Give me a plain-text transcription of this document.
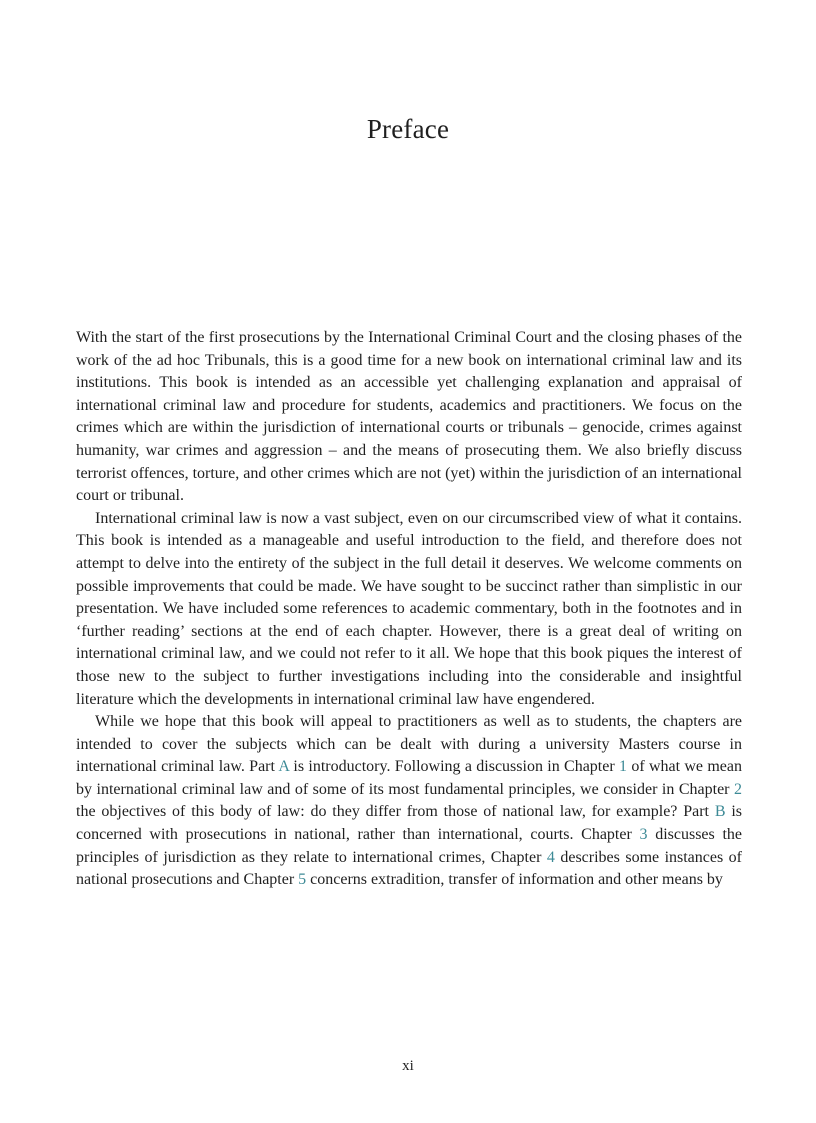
Preface

With the start of the first prosecutions by the International Criminal Court and the closing phases of the work of the ad hoc Tribunals, this is a good time for a new book on international criminal law and its institutions. This book is intended as an accessible yet challenging explanation and appraisal of international criminal law and procedure for students, academics and practitioners. We focus on the crimes which are within the jurisdiction of international courts or tribunals – genocide, crimes against humanity, war crimes and aggression – and the means of prosecuting them. We also briefly discuss terrorist offences, torture, and other crimes which are not (yet) within the jurisdiction of an international court or tribunal.

International criminal law is now a vast subject, even on our circumscribed view of what it contains. This book is intended as a manageable and useful introduction to the field, and therefore does not attempt to delve into the entirety of the subject in the full detail it deserves. We welcome comments on possible improvements that could be made. We have sought to be succinct rather than simplistic in our presentation. We have included some references to academic commentary, both in the footnotes and in ‘further reading’ sections at the end of each chapter. However, there is a great deal of writing on international criminal law, and we could not refer to it all. We hope that this book piques the interest of those new to the subject to further investigations including into the considerable and insightful literature which the developments in international criminal law have engendered.

While we hope that this book will appeal to practitioners as well as to students, the chapters are intended to cover the subjects which can be dealt with during a university Masters course in international criminal law. Part A is introductory. Following a discussion in Chapter 1 of what we mean by international criminal law and of some of its most fundamental principles, we consider in Chapter 2 the objectives of this body of law: do they differ from those of national law, for example? Part B is concerned with prosecutions in national, rather than international, courts. Chapter 3 discusses the principles of jurisdiction as they relate to international crimes, Chapter 4 describes some instances of national prosecutions and Chapter 5 concerns extradition, transfer of information and other means by

xi
